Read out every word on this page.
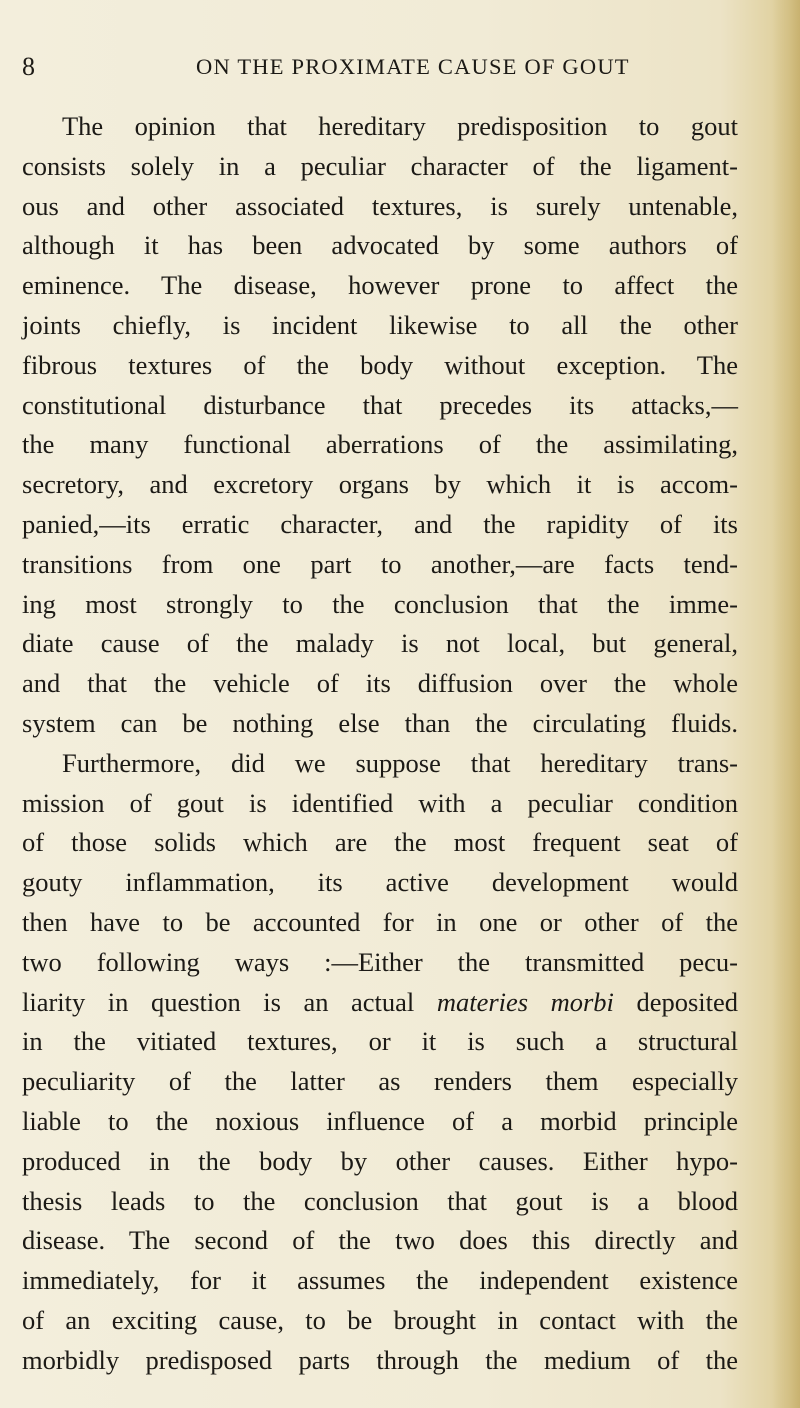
8	ON THE PROXIMATE CAUSE OF GOUT
The opinion that hereditary predisposition to gout
consists solely in a peculiar character of the ligament-
ous and other associated textures, is surely untenable,
although it has been advocated by some authors of
eminence. The disease, however prone to affect the
joints chiefly, is incident likewise to all the other
fibrous textures of the body without exception. The
constitutional disturbance that precedes its attacks,—
the many functional aberrations of the assimilating,
secretory, and excretory organs by which it is accom-
panied,—its erratic character, and the rapidity of its
transitions from one part to another,—are facts tend-
ing most strongly to the conclusion that the imme-
diate cause of the malady is not local, but general,
and that the vehicle of its diffusion over the whole
system can be nothing else than the circulating fluids.
Furthermore, did we suppose that hereditary trans-
mission of gout is identified with a peculiar condition
of those solids which are the most frequent seat of
gouty inflammation, its active development would
then have to be accounted for in one or other of the
two following ways :—Either the transmitted pecu-
liarity in question is an actual materies morbi deposited
in the vitiated textures, or it is such a structural
peculiarity of the latter as renders them especially
liable to the noxious influence of a morbid principle
produced in the body by other causes. Either hypo-
thesis leads to the conclusion that gout is a blood
disease. The second of the two does this directly and
immediately, for it assumes the independent existence
of an exciting cause, to be brought in contact with the
morbidly predisposed parts through the medium of the
